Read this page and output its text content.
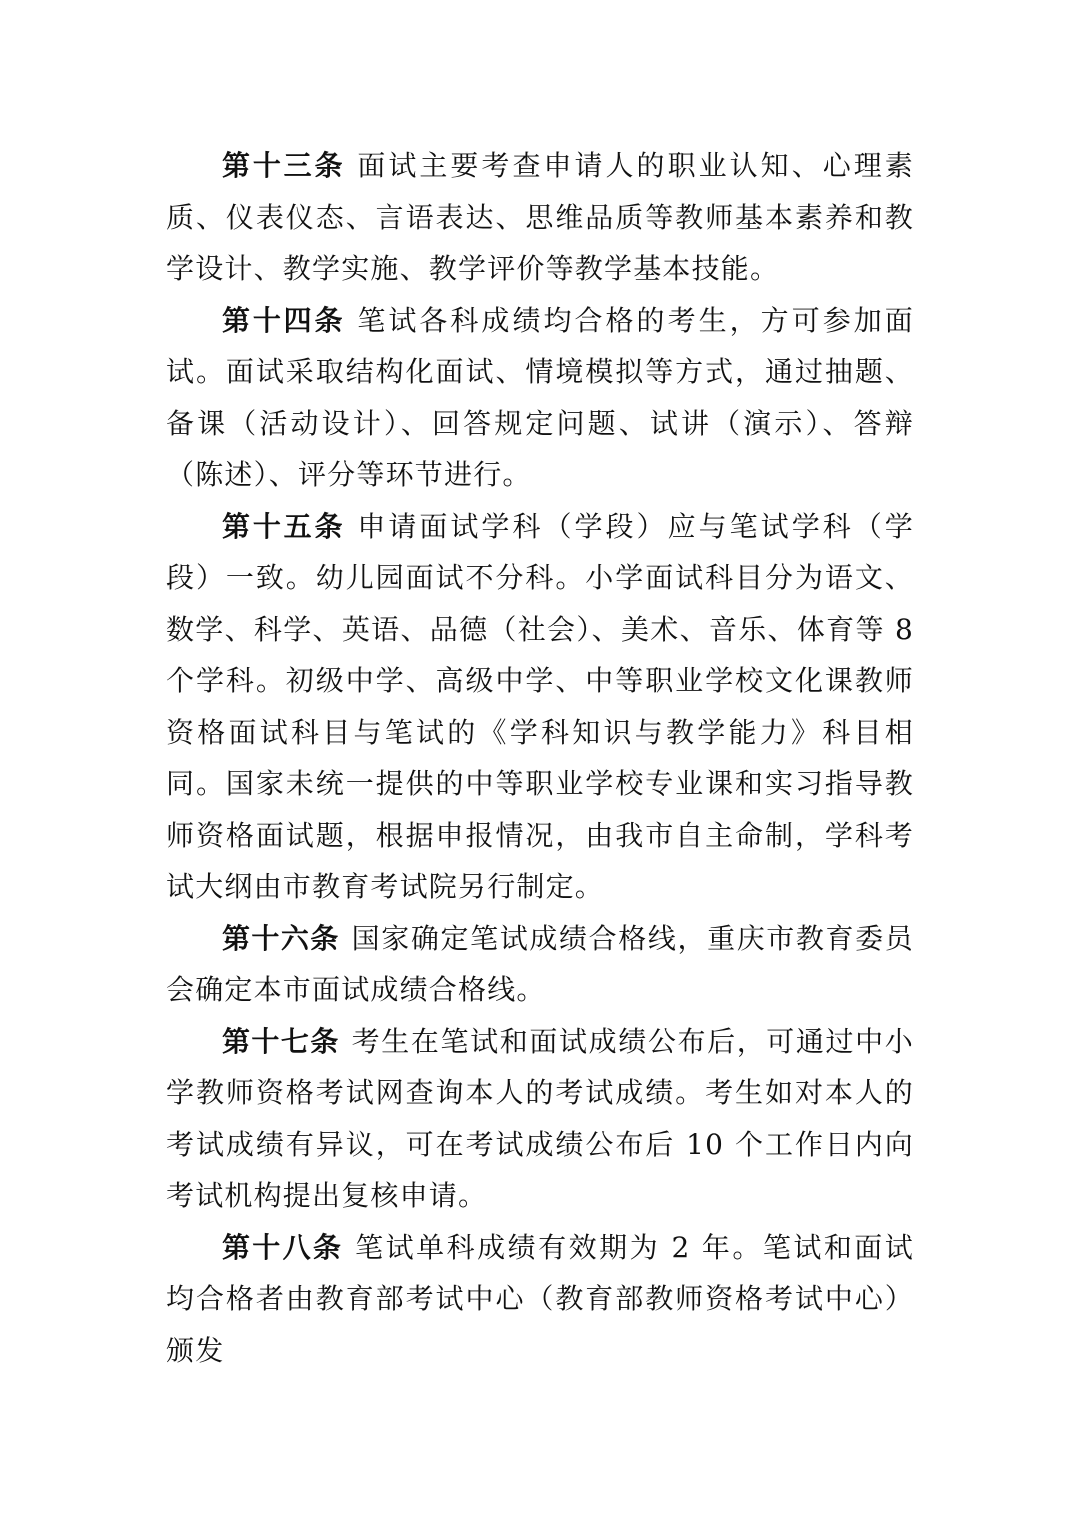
第十三条 面试主要考查申请人的职业认知、心理素质、仪表仪态、言语表达、思维品质等教师基本素养和教学设计、教学实施、教学评价等教学基本技能。

第十四条 笔试各科成绩均合格的考生，方可参加面试。面试采取结构化面试、情境模拟等方式，通过抽题、备课（活动设计）、回答规定问题、试讲（演示）、答辩（陈述）、评分等环节进行。

第十五条 申请面试学科（学段）应与笔试学科（学段）一致。幼儿园面试不分科。小学面试科目分为语文、数学、科学、英语、品德（社会）、美术、音乐、体育等 8 个学科。初级中学、高级中学、中等职业学校文化课教师资格面试科目与笔试的《学科知识与教学能力》科目相同。国家未统一提供的中等职业学校专业课和实习指导教师资格面试题，根据申报情况，由我市自主命制，学科考试大纲由市教育考试院另行制定。

第十六条 国家确定笔试成绩合格线，重庆市教育委员会确定本市面试成绩合格线。

第十七条 考生在笔试和面试成绩公布后，可通过中小学教师资格考试网查询本人的考试成绩。考生如对本人的考试成绩有异议，可在考试成绩公布后 10 个工作日内向考试机构提出复核申请。

第十八条 笔试单科成绩有效期为 2 年。笔试和面试均合格者由教育部考试中心（教育部教师资格考试中心）颁发
